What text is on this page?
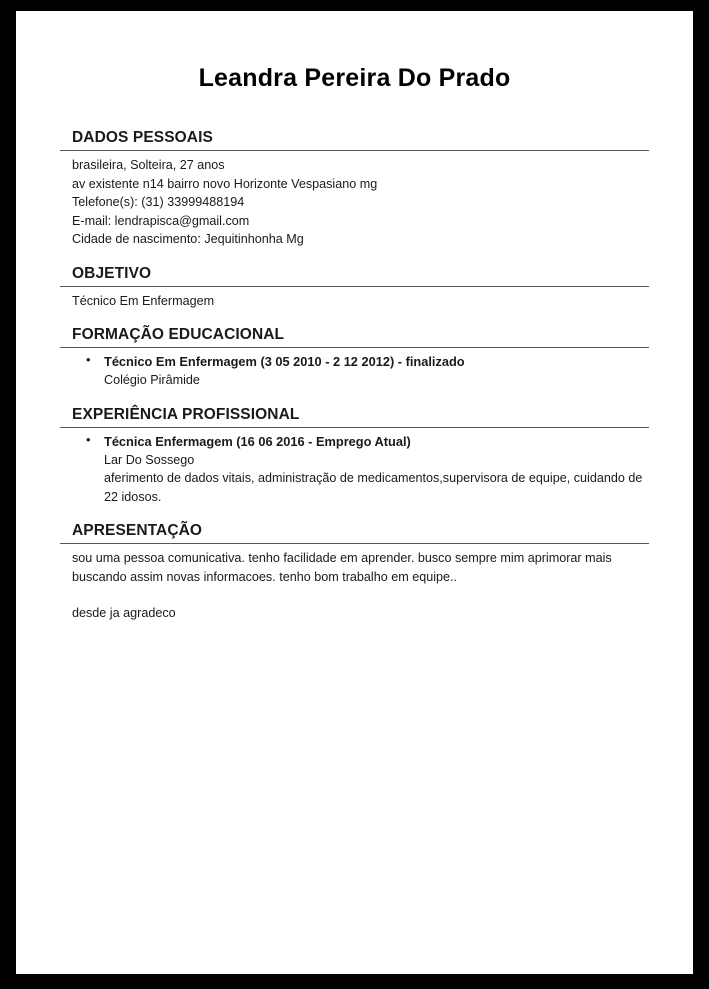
Leandra Pereira Do Prado
DADOS PESSOAIS
brasileira, Solteira, 27 anos
av existente n14 bairro novo Horizonte Vespasiano mg
Telefone(s): (31) 33999488194
E-mail: lendrapisca@gmail.com
Cidade de nascimento: Jequitinhonha Mg
OBJETIVO
Técnico Em Enfermagem
FORMAÇÃO EDUCACIONAL
• Técnico Em Enfermagem (3 05 2010 - 2 12 2012) - finalizado
Colégio Pirâmide
EXPERIÊNCIA PROFISSIONAL
• Técnica Enfermagem (16 06 2016 - Emprego Atual)
Lar Do Sossego
aferimento de dados vitais, administração de medicamentos,supervisora de equipe, cuidando de 22 idosos.
APRESENTAÇÃO
sou uma pessoa comunicativa. tenho facilidade em aprender. busco sempre mim aprimorar mais buscando assim novas informacoes. tenho bom trabalho em equipe..
desde ja agradeco
